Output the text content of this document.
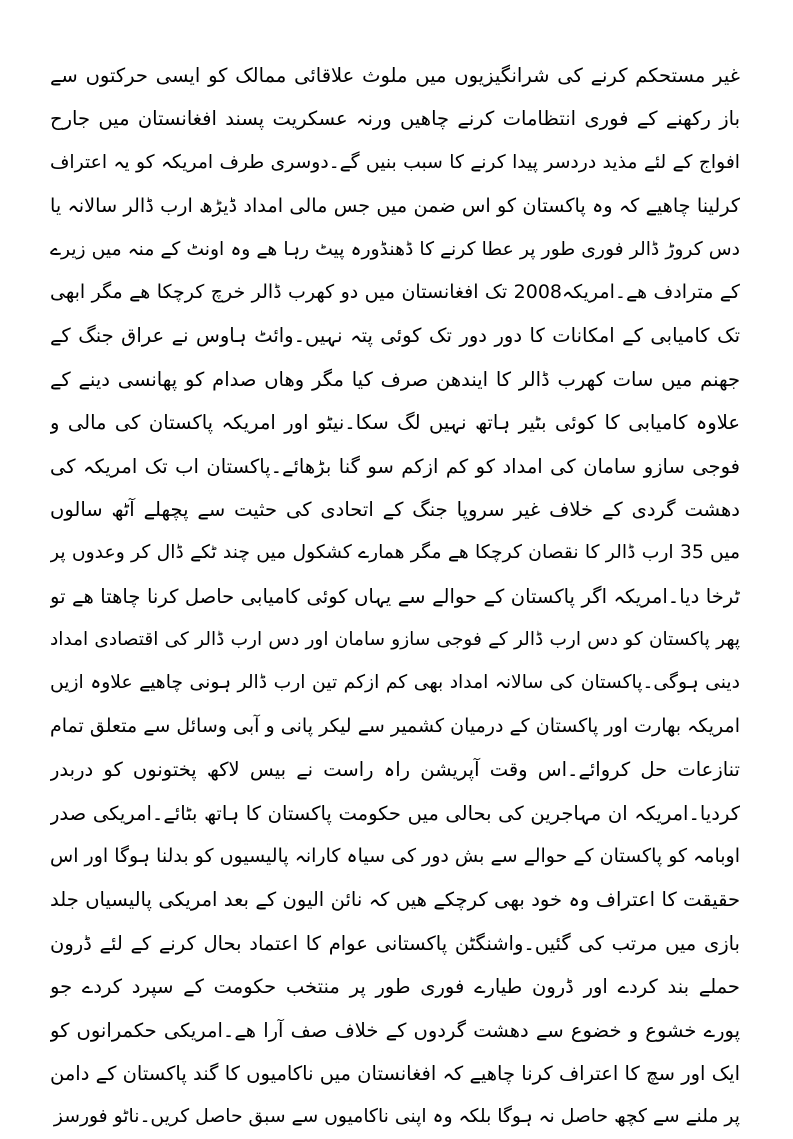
غیر مستحکم کرنے کی شرانگیزیوں میں ملوث علاقائی ممالک کو ایسی حرکتوں سے
باز رکھنے کے فوری انتظامات کرنے چاھیں ورنہ عسکریت پسند افغانستان میں جارح
افواج کے لئے مذید دردسر پیدا کرنے کا سبب بنیں گے۔دوسری طرف امریکہ کو یہ اعتراف
کرلینا چاھیے کہ وہ پاکستان کو اس ضمن میں جس مالی امداد ڈیڑھ ارب ڈالر سالانہ یا
دس کروڑ ڈالر فوری طور پر عطا کرنے کا ڈھنڈورہ پیٹ رہا ھے وہ اونٹ کے منہ میں زیرے
کے مترادف ھے۔امریکہ2008 تک افغانستان میں دو کھرب ڈالر خرچ کرچکا ھے مگر ابھی
تک کامیابی کے امکانات کا دور دور تک کوئی پتہ نہیں۔وائٹ ہاوس نے عراق جنگ کے
جھنم میں سات کھرب ڈالر کا ایندھن صرف کیا مگر وھاں صدام کو پھانسی دینے کے
علاوہ کامیابی کا کوئی بٹیر ہاتھ نہیں لگ سکا۔نیٹو اور امریکہ پاکستان کی مالی و
فوجی سازو سامان کی امداد کو کم ازکم سو گنا بڑھائے۔پاکستان اب تک امریکہ کی
دھشت گردی کے خلاف غیر سروپا جنگ کے اتحادی کی حثیت سے پچھلے آٹھ سالوں
میں 35 ارب ڈالر کا نقصان کرچکا ھے مگر ھمارے کشکول میں چند ٹکے ڈال کر وعدوں پر
ٹرخا دیا۔امریکہ اگر پاکستان کے حوالے سے یہاں کوئی کامیابی حاصل کرنا چاھتا ھے تو
پھر پاکستان کو دس ارب ڈالر کے فوجی سازو سامان اور دس ارب ڈالر کی اقتصادی امداد
دینی ہوگی۔پاکستان کی سالانہ امداد بھی کم ازکم تین ارب ڈالر ہونی چاھیے علاوہ ازیں
امریکہ بھارت اور پاکستان کے درمیان کشمیر سے لیکر پانی و آبی وسائل سے متعلق تمام
تنازعات حل کروائے۔اس وقت آپریشن راہ راست نے بیس لاکھ پختونوں کو دربدر
کردیا۔امریکہ ان مہاجرین کی بحالی میں حکومت پاکستان کا ہاتھ بٹائے۔امریکی صدر
اوبامہ کو پاکستان کے حوالے سے بش دور کی سیاہ کارانہ پالیسیوں کو بدلنا ہوگا اور اس
حقیقت کا اعتراف وہ خود بھی کرچکے ھیں کہ نائن الیون کے بعد امریکی پالیسیاں جلد
بازی میں مرتب کی گئیں۔واشنگٹن پاکستانی عوام کا اعتماد بحال کرنے کے لئے ڈرون
حملے بند کردے اور ڈرون طیارے فوری طور پر منتخب حکومت کے سپرد کردے جو
پورے خشوع و خضوع سے دھشت گردوں کے خلاف صف آرا ھے۔امریکی حکمرانوں کو
ایک اور سچ کا اعتراف کرنا چاھیے کہ افغانستان میں ناکامیوں کا گند پاکستان کے دامن
پر ملنے سے کچھ حاصل نہ ہوگا بلکہ وہ اپنی ناکامیوں سے سبق حاصل کریں۔ناٹو فورسز
